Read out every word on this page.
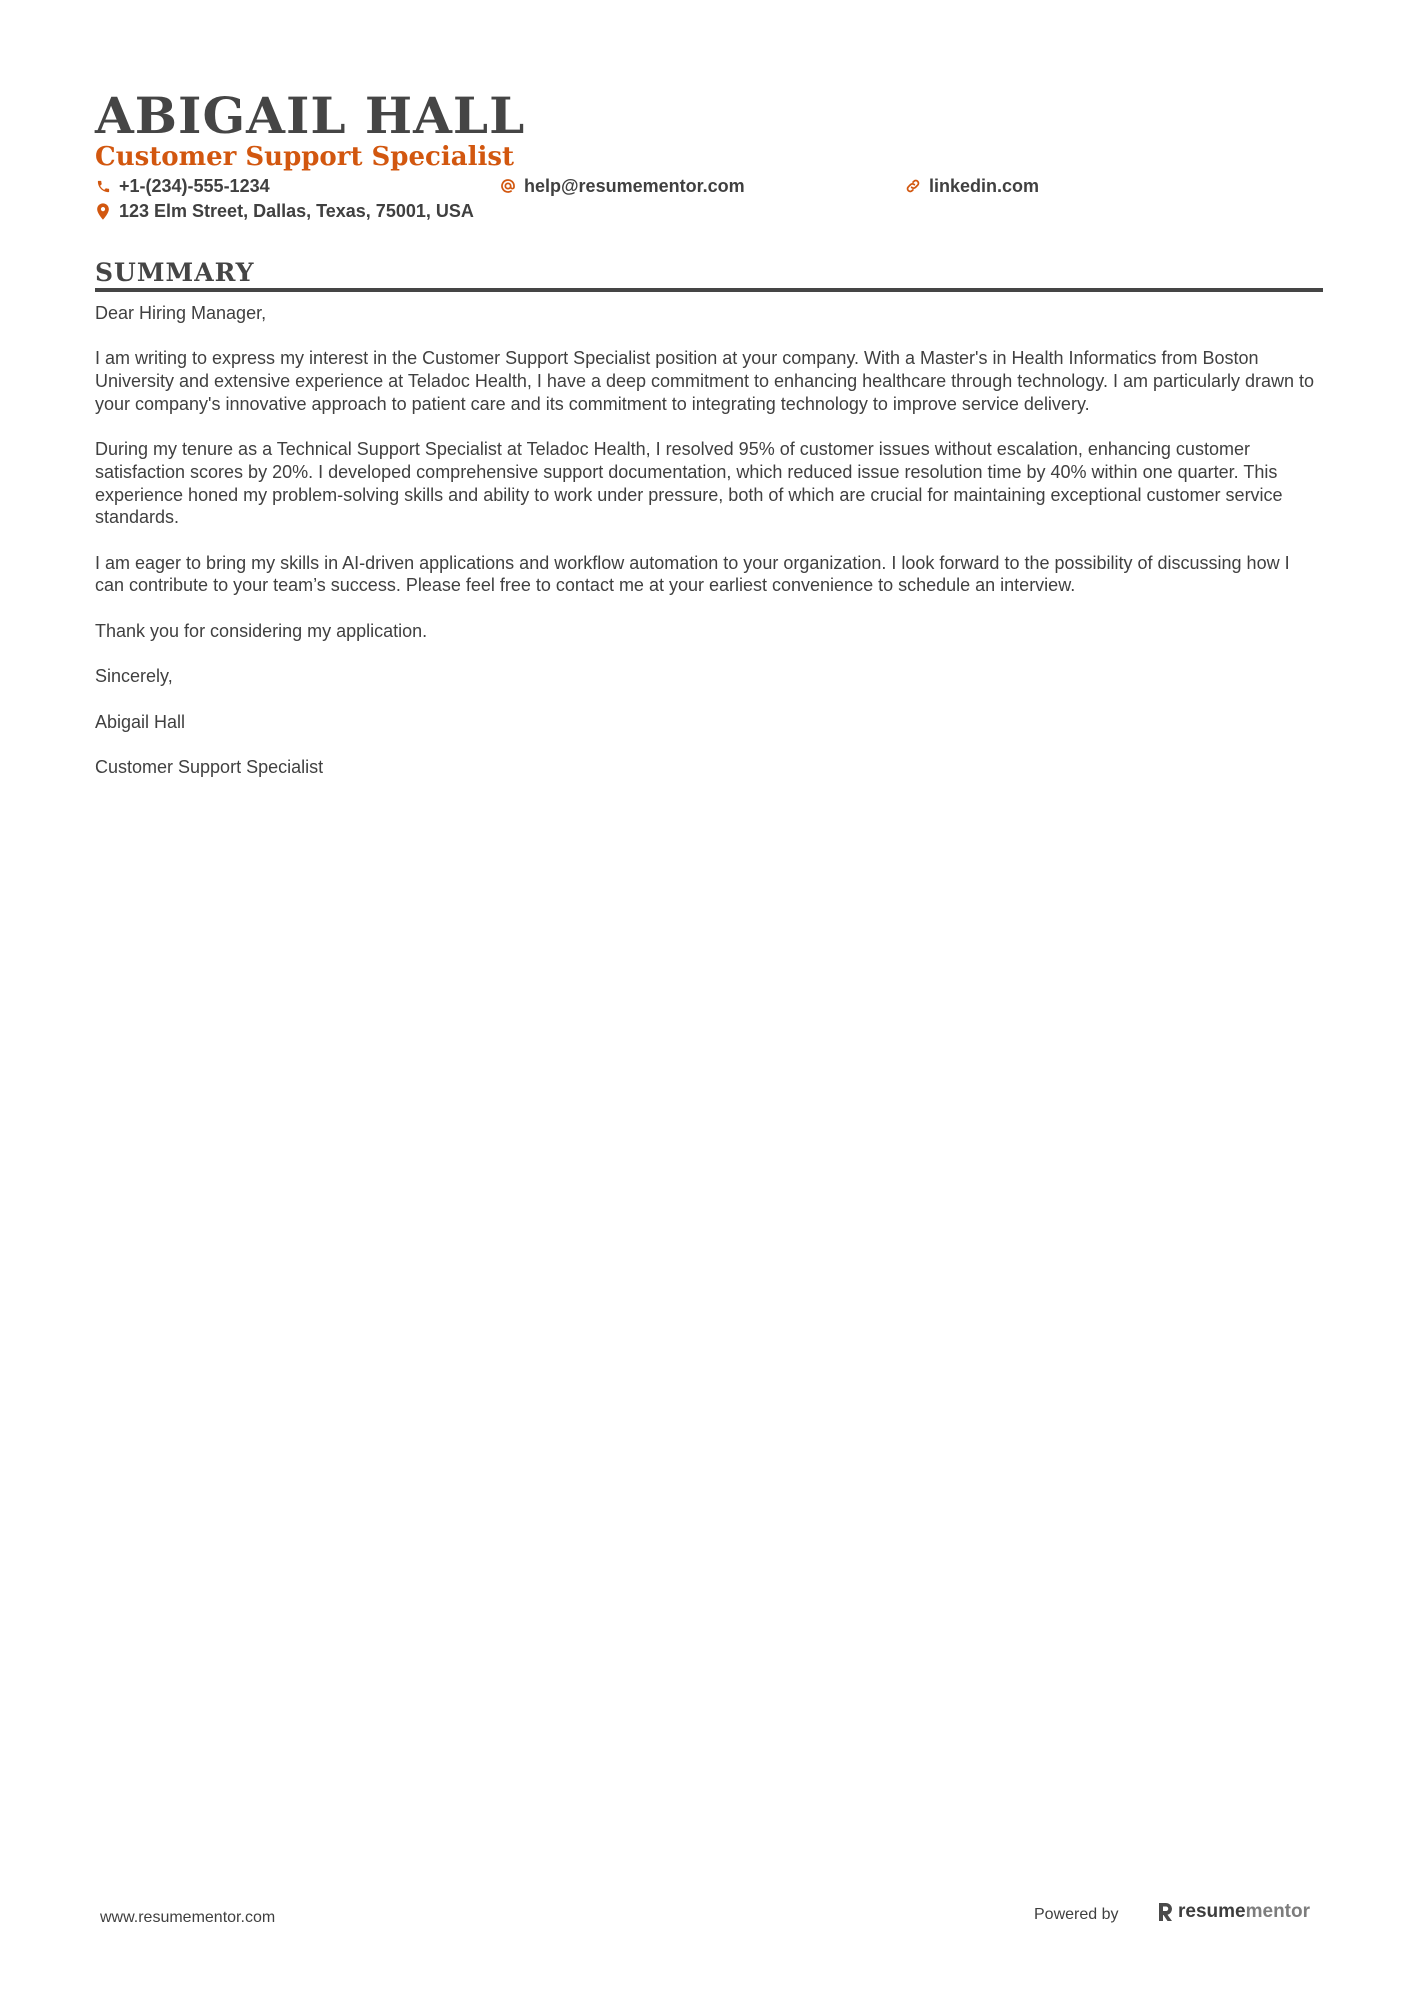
ABIGAIL HALL
Customer Support Specialist
+1-(234)-555-1234	help@resumementor.com	linkedin.com
123 Elm Street, Dallas, Texas, 75001, USA
SUMMARY

Dear Hiring Manager,

I am writing to express my interest in the Customer Support Specialist position at your company. With a Master's in Health Informatics from Boston University and extensive experience at Teladoc Health, I have a deep commitment to enhancing healthcare through technology. I am particularly drawn to your company's innovative approach to patient care and its commitment to integrating technology to improve service delivery.

During my tenure as a Technical Support Specialist at Teladoc Health, I resolved 95% of customer issues without escalation, enhancing customer satisfaction scores by 20%. I developed comprehensive support documentation, which reduced issue resolution time by 40% within one quarter. This experience honed my problem-solving skills and ability to work under pressure, both of which are crucial for maintaining exceptional customer service standards.

I am eager to bring my skills in AI-driven applications and workflow automation to your organization. I look forward to the possibility of discussing how I can contribute to your team’s success. Please feel free to contact me at your earliest convenience to schedule an interview.

Thank you for considering my application.

Sincerely,

Abigail Hall

Customer Support Specialist

www.resumementor.com	Powered by	resume mentor
